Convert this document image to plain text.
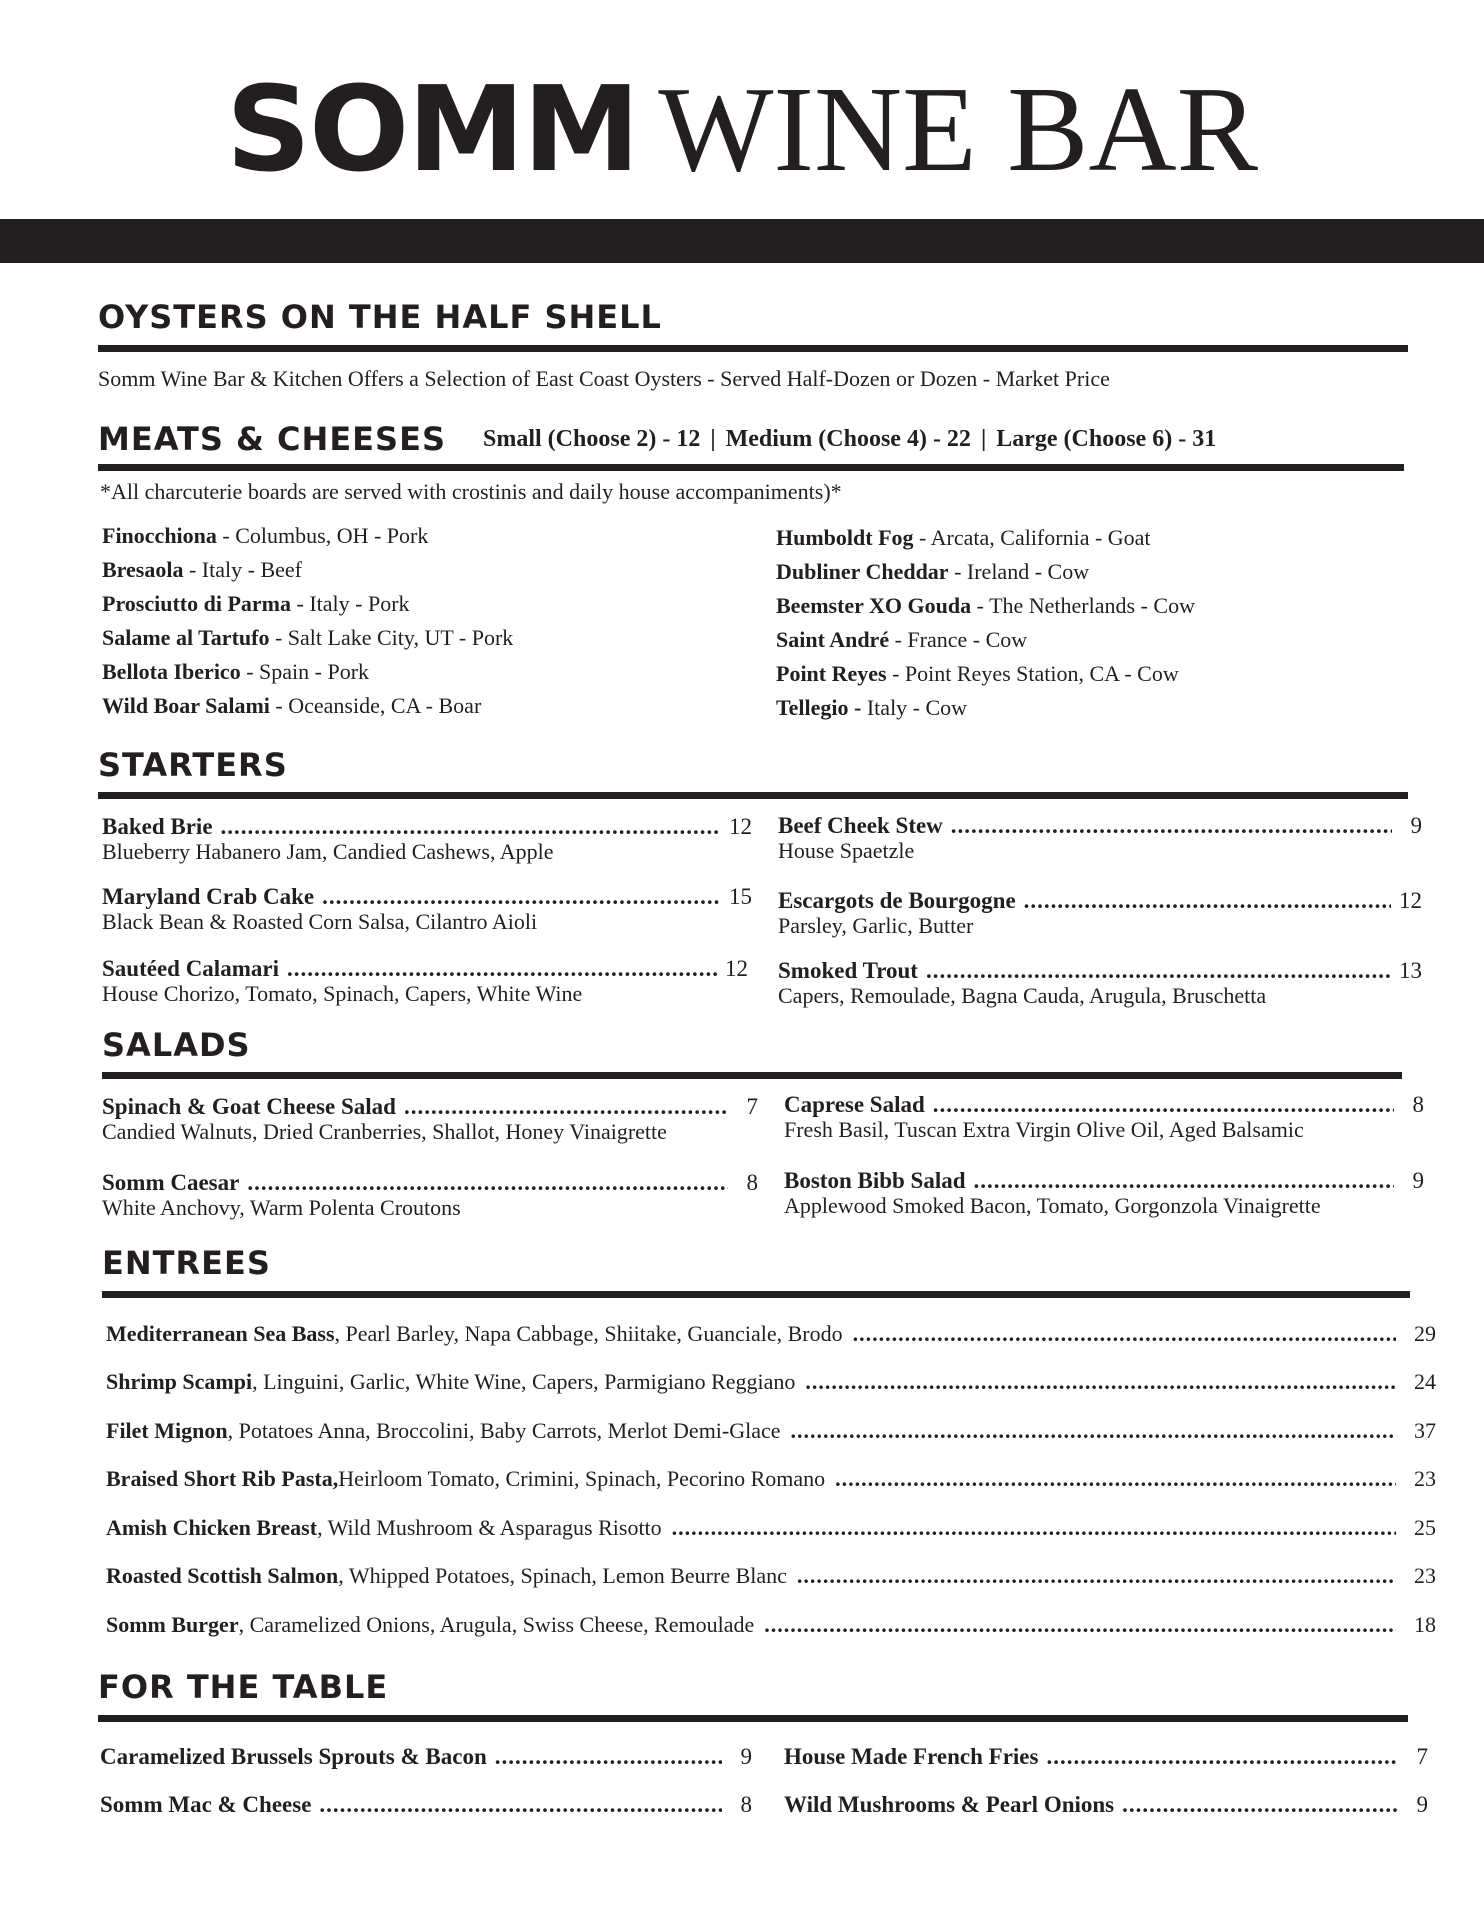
SOMM WINE BAR
OYSTERS ON THE HALF SHELL
Somm Wine Bar & Kitchen Offers a Selection of East Coast Oysters - Served Half-Dozen or Dozen - Market Price
MEATS & CHEESES Small (Choose 2) - 12 | Medium (Choose 4) - 22 | Large (Choose 6) - 31
*All charcuterie boards are served with crostinis and daily house accompaniments)*
Finocchiona - Columbus, OH - Pork
Bresaola - Italy - Beef
Prosciutto di Parma - Italy - Pork
Salame al Tartufo - Salt Lake City, UT - Pork
Bellota Iberico - Spain - Pork
Wild Boar Salami - Oceanside, CA - Boar
Humboldt Fog - Arcata, California - Goat
Dubliner Cheddar - Ireland - Cow
Beemster XO Gouda - The Netherlands - Cow
Saint André - France - Cow
Point Reyes - Point Reyes Station, CA - Cow
Tellegio - Italy - Cow
STARTERS
Baked Brie .....	12
Blueberry Habanero Jam, Candied Cashews, Apple
Maryland Crab Cake .....	15
Black Bean & Roasted Corn Salsa, Cilantro Aioli
Sautéed Calamari .....	12
House Chorizo, Tomato, Spinach, Capers, White Wine
Beef Cheek Stew .....	9
House Spaetzle
Escargots de Bourgogne .....	12
Parsley, Garlic, Butter
Smoked Trout .....	13
Capers, Remoulade, Bagna Cauda, Arugula, Bruschetta
SALADS
Spinach & Goat Cheese Salad .....	7
Candied Walnuts, Dried Cranberries, Shallot, Honey Vinaigrette
Somm Caesar .....	8
White Anchovy, Warm Polenta Croutons
Caprese Salad .....	8
Fresh Basil, Tuscan Extra Virgin Olive Oil, Aged Balsamic
Boston Bibb Salad .....	9
Applewood Smoked Bacon, Tomato, Gorgonzola Vinaigrette
ENTREES
Mediterranean Sea Bass , Pearl Barley, Napa Cabbage, Shiitake, Guanciale, Brodo .....	29
Shrimp Scampi , Linguini, Garlic, White Wine, Capers, Parmigiano Reggiano .....	24
Filet Mignon , Potatoes Anna, Broccolini, Baby Carrots, Merlot Demi-Glace .....	37
Braised Short Rib Pasta, Heirloom Tomato, Crimini, Spinach, Pecorino Romano .....	23
Amish Chicken Breast , Wild Mushroom & Asparagus Risotto .....	25
Roasted Scottish Salmon , Whipped Potatoes, Spinach, Lemon Beurre Blanc .....	23
Somm Burger , Caramelized Onions, Arugula, Swiss Cheese, Remoulade .....	18
FOR THE TABLE
Caramelized Brussels Sprouts & Bacon .....	9
Somm Mac & Cheese .....	8
House Made French Fries .....	7
Wild Mushrooms & Pearl Onions .....	9
